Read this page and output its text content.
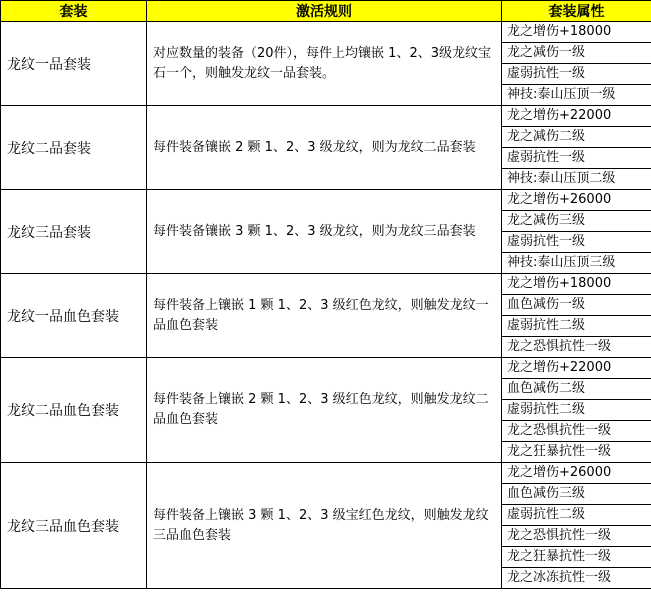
套装	激活规则	套装属性
龙纹一品套装	对应数量的装备（20件），每件上均镶嵌 1、2、3级龙纹宝石一个，则触发龙纹一品套装。	龙之增伤+18000
		龙之减伤一级
		虚弱抗性一级
		神技:泰山压顶一级
龙纹二品套装	每件装备镶嵌 2 颗 1、2、3 级龙纹，则为龙纹二品套装	龙之增伤+22000
		龙之减伤二级
		虚弱抗性一级
		神技:泰山压顶二级
龙纹三品套装	每件装备镶嵌 3 颗 1、2、3 级龙纹，则为龙纹三品套装	龙之增伤+26000
		龙之减伤三级
		虚弱抗性一级
		神技:泰山压顶三级
龙纹一品血色套装	每件装备上镶嵌 1 颗 1、2、3 级红色龙纹，则触发龙纹一品血色套装	龙之增伤+18000
		血色减伤一级
		虚弱抗性二级
		龙之恐惧抗性一级
龙纹二品血色套装	每件装备上镶嵌 2 颗 1、2、3 级红色龙纹，则触发龙纹二品血色套装	龙之增伤+22000
		血色减伤二级
		虚弱抗性二级
		龙之恐惧抗性一级
		龙之狂暴抗性一级
龙纹三品血色套装	每件装备上镶嵌 3 颗 1、2、3 级宝红色龙纹，则触发龙纹三品血色套装	龙之增伤+26000
		血色减伤三级
		虚弱抗性二级
		龙之恐惧抗性一级
		龙之狂暴抗性一级
		龙之冰冻抗性一级
